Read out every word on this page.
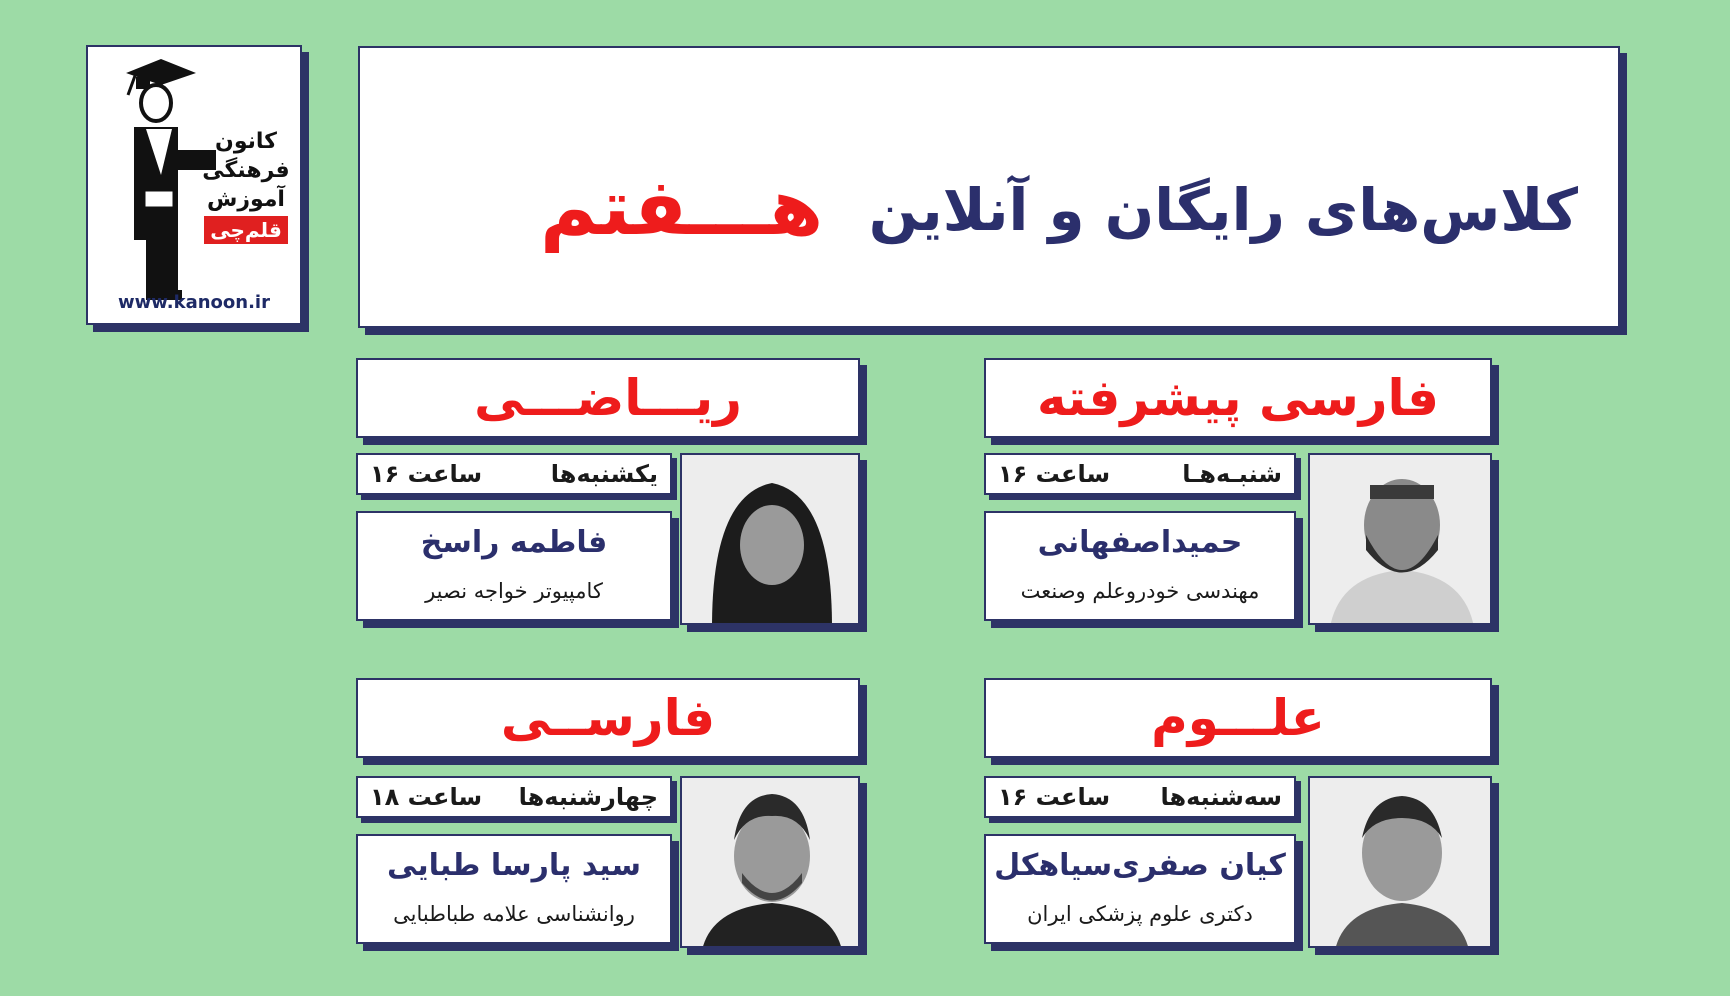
کانون
فرهنگی
آموزش
قلم‌چی
www.kanoon.ir
کلاس‌های رایگان و آنلاین
هـــفتم
فارسی پیشرفته
شنبـه‌هـا
ساعت ۱۶
حمیداصفهانی
مهندسی خودروعلم وصنعت
ریـــاضـــی
یکشنبه‌ها
ساعت ۱۶
فاطمه راسخ
کامپیوتر خواجه نصیر
علـــوم
سه‌شنبه‌ها
ساعت ۱۶
کیان صفری‌سیاهکل
دکتری علوم پزشکی ایران
فارســی
چهارشنبه‌ها
ساعت ۱۸
سید پارسا طبایی
روانشناسی علامه طباطبایی
